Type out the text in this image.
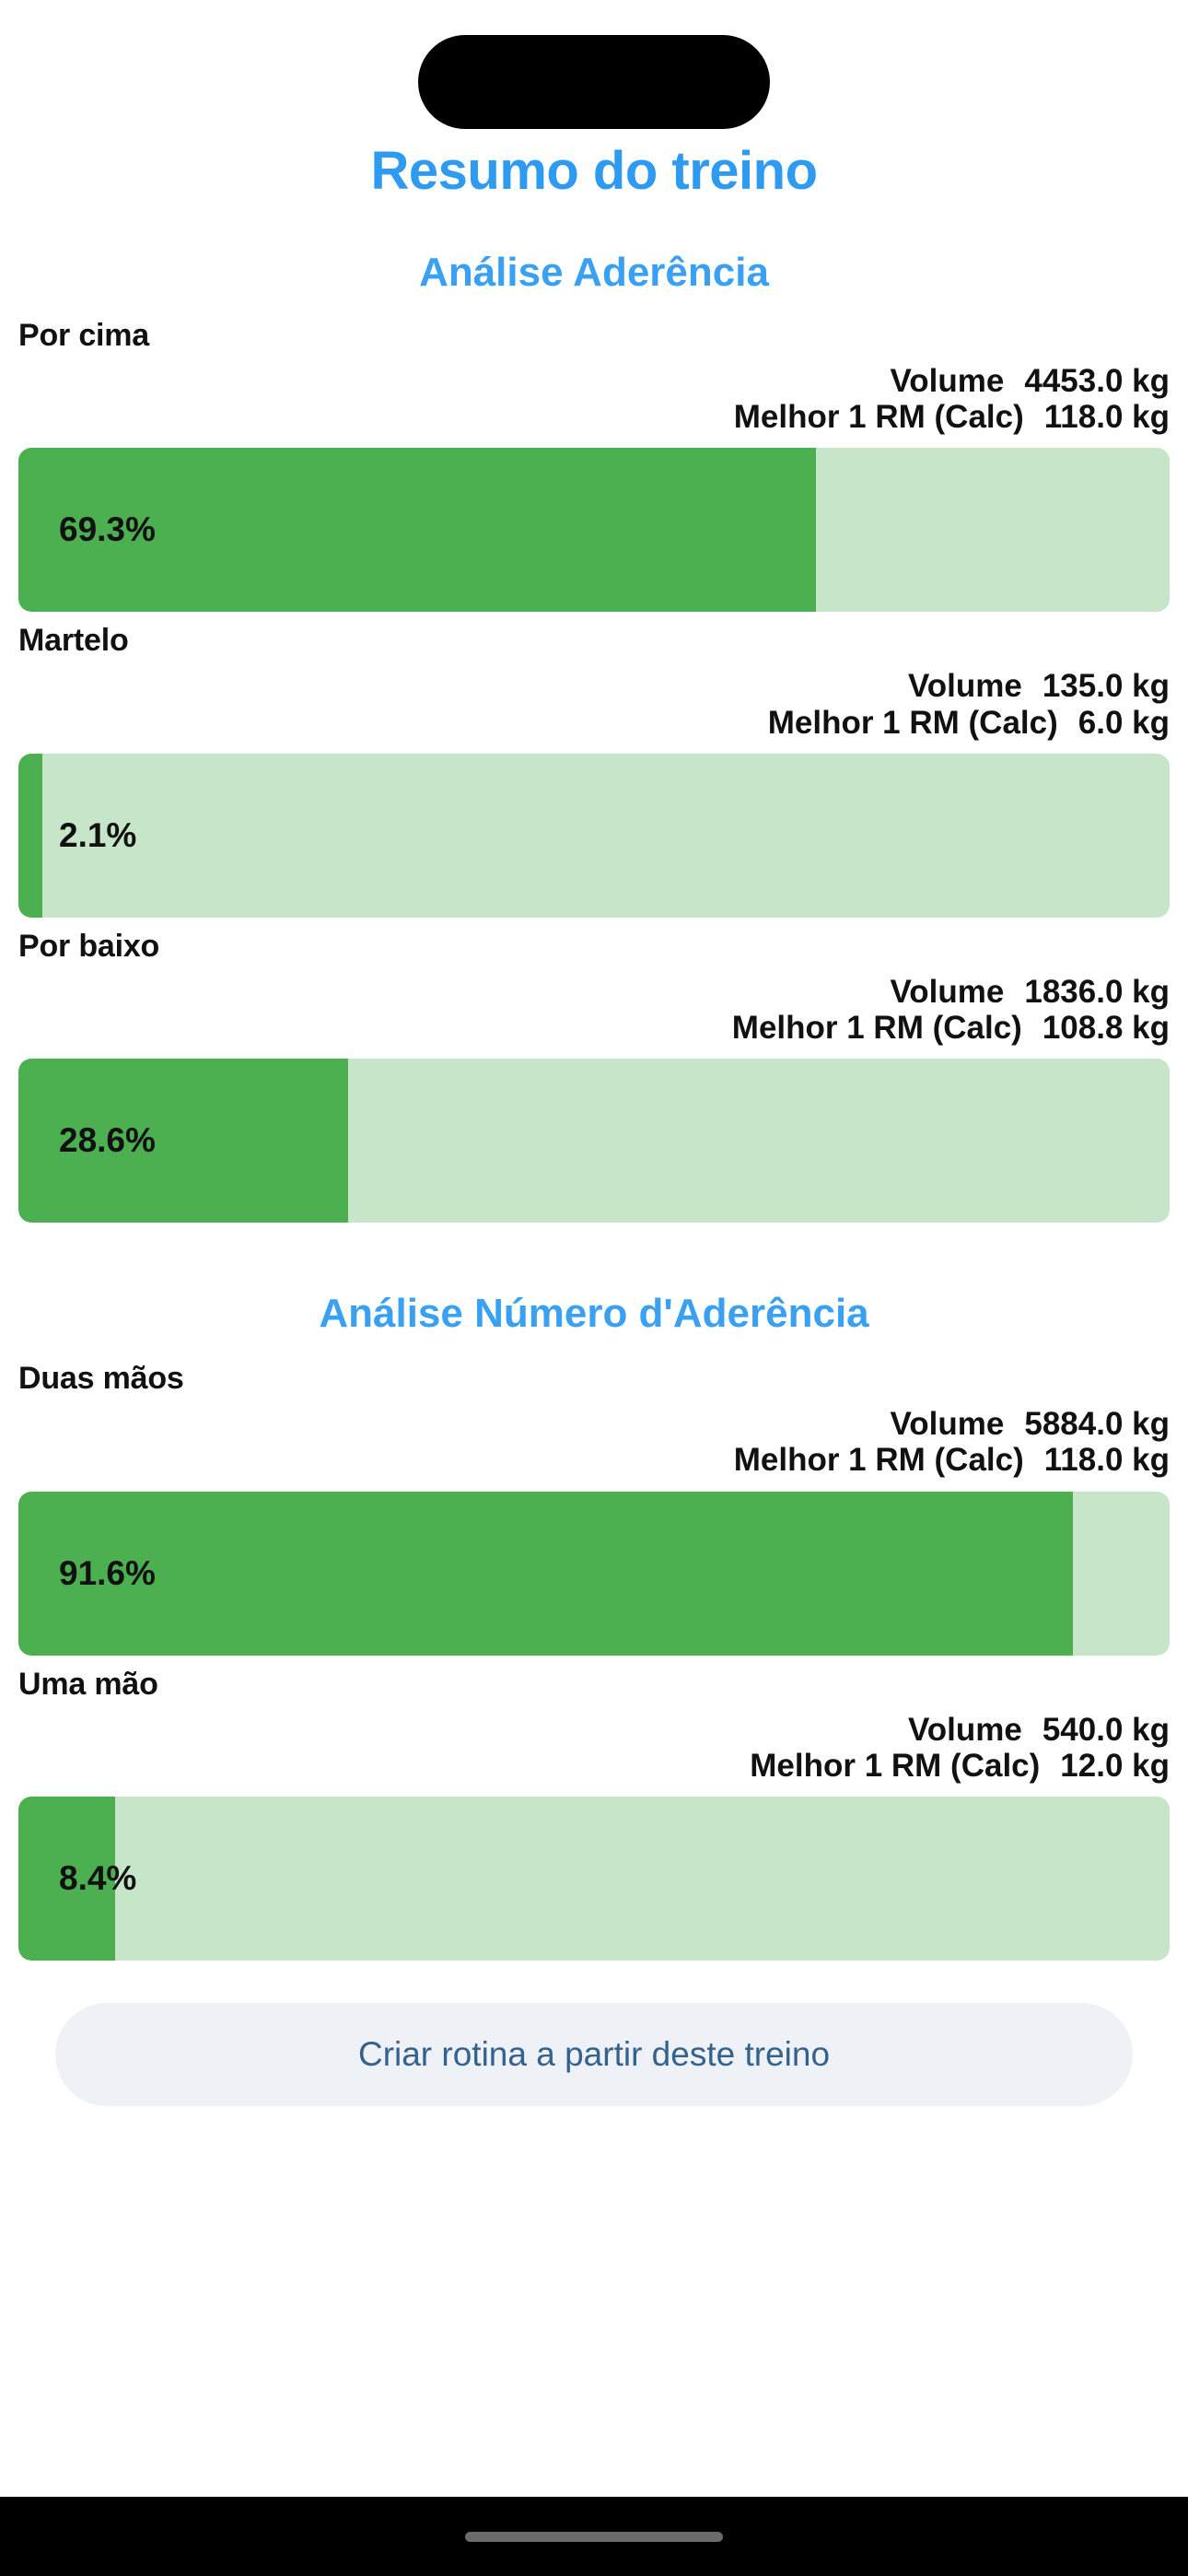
Resumo do treino
Análise Aderência
Por cima
Volume 4453.0 kg
Melhor 1 RM (Calc) 118.0 kg
69.3%
Martelo
Volume 135.0 kg
Melhor 1 RM (Calc) 6.0 kg
2.1%
Por baixo
Volume 1836.0 kg
Melhor 1 RM (Calc) 108.8 kg
28.6%
Análise Número d'Aderência
Duas mãos
Volume 5884.0 kg
Melhor 1 RM (Calc) 118.0 kg
91.6%
Uma mão
Volume 540.0 kg
Melhor 1 RM (Calc) 12.0 kg
8.4%
Criar rotina a partir deste treino
